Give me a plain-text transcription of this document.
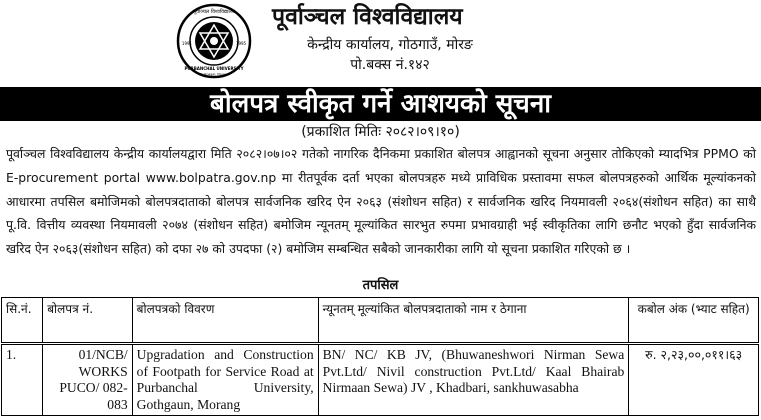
पूर्वाञ्चल विश्वविद्यालय
1991	1995
PURBANCHAL UNIVERSITY
Biratnagar, Morang
पूर्वाञ्चल विश्वविद्यालय
केन्द्रीय कार्यालय, गोठगाउँ, मोरङ
पो.बक्स नं.१४२
बोलपत्र स्वीकृत गर्ने आशयको सूचना
(प्रकाशित मितिः २०८२।०९।१०)
पूर्वाञ्चल विश्वविद्यालय केन्द्रीय कार्यालयद्वारा मिति २०८२।०७।०२ गतेको नागरिक दैनिकमा प्रकाशित बोलपत्र आह्वानको सूचना अनुसार तोकिएको म्यादभित्र PPMO को E-procurement portal www.bolpatra.gov.np मा रीतपूर्वक दर्ता भएका बोलपत्रहरु मध्ये प्राविधिक प्रस्तावमा सफल बोलपत्रहरुको आर्थिक मूल्यांकनको आधारमा तपसिल बमोजिमको बोलपत्रदाताको बोलपत्र सार्वजनिक खरिद ऐन २०६३ (संशोधन सहित) र सार्वजनिक खरिद नियमावली २०६४(संशोधन सहित) का साथै पू.वि. वित्तीय व्यवस्था नियमावली २०७४ (संशोधन सहित) बमोजिम न्यूनतम् मूल्यांकित सारभुत रुपमा प्रभावग्राही भई स्वीकृतिका लागि छनौट भएको हुँदा सार्वजनिक खरिद ऐन २०६३(संशोधन सहित) को दफा २७ को उपदफा (२) बमोजिम सम्बन्धित सबैको जानकारीका लागि यो सूचना प्रकाशित गरिएको छ ।
तपसिल
सि.नं.	बोलपत्र नं.	बोलपत्रको विवरण	न्यूनतम् मूल्यांकित बोलपत्रदाताको नाम र ठेगाना	कबोल अंक (भ्याट सहित)
1.	01/NCB/ WORKS PUCO/ 082-083	Upgradation and Construction of Footpath for Service Road at Purbanchal University, Gothgaun, Morang	BN/ NC/ KB JV, (Bhuwaneshwori Nirman Sewa Pvt.Ltd/ Nivil construction Pvt.Ltd/ Kaal Bhairab Nirmaan Sewa) JV , Khadbari, sankhuwasabha	रु. २,२३,००,०११।६३
